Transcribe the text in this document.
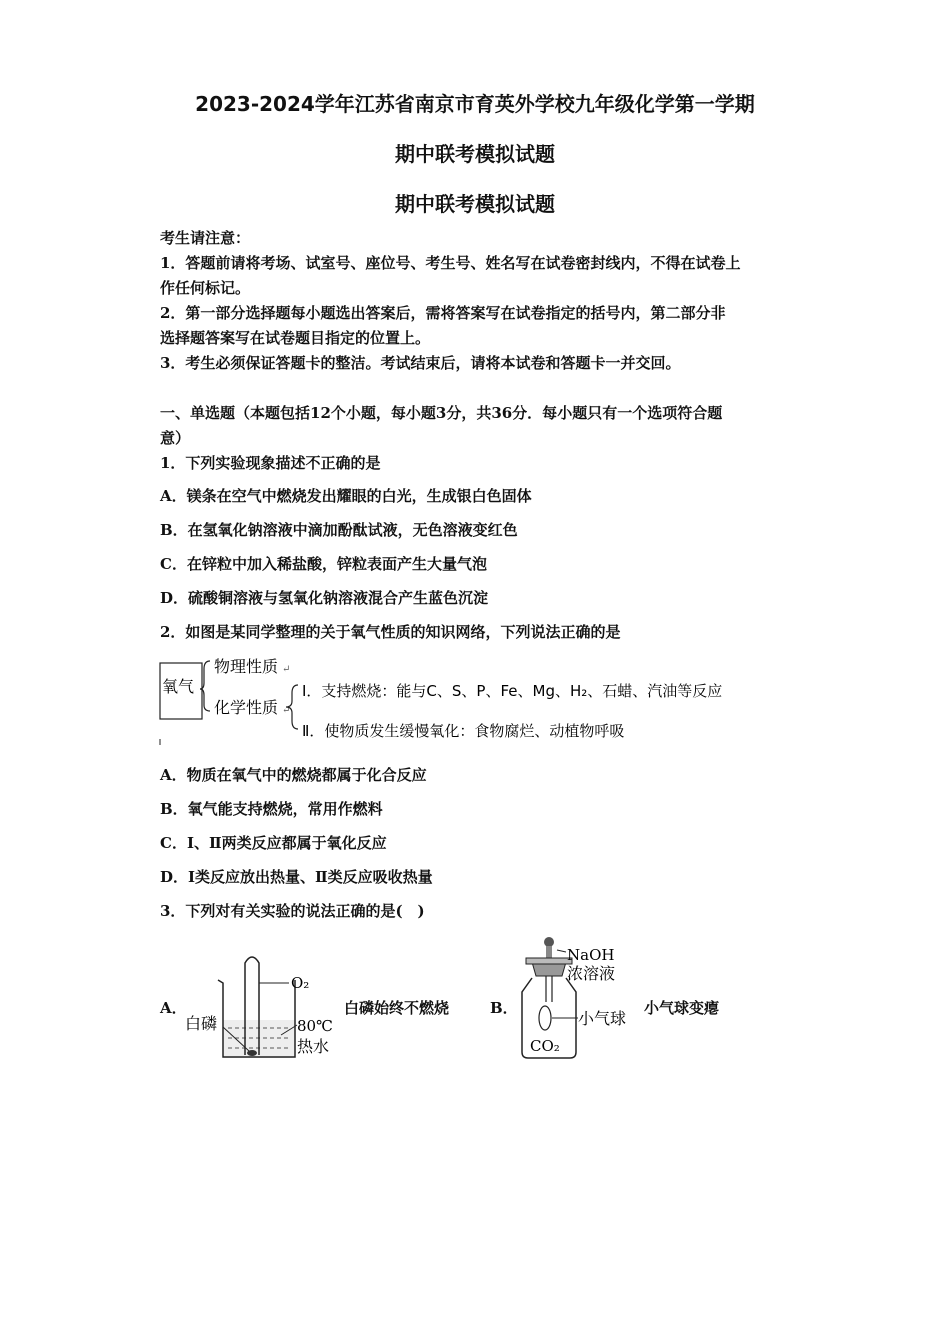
2023-2024学年江苏省南京市育英外学校九年级化学第一学期
期中联考模拟试题
期中联考模拟试题
考生请注意：
1．答题前请将考场、试室号、座位号、考生号、姓名写在试卷密封线内，不得在试卷上
作任何标记。
2．第一部分选择题每小题选出答案后，需将答案写在试卷指定的括号内，第二部分非
选择题答案写在试卷题目指定的位置上。
3．考生必须保证答题卡的整洁。考试结束后，请将本试卷和答题卡一并交回。
一、单选题（本题包括12个小题，每小题3分，共36分．每小题只有一个选项符合题
意）
1．下列实验现象描述不正确的是
A．镁条在空气中燃烧发出耀眼的白光，生成银白色固体
B．在氢氧化钠溶液中滴加酚酞试液，无色溶液变红色
C．在锌粒中加入稀盐酸，锌粒表面产生大量气泡
D．硫酸铜溶液与氢氧化钠溶液混合产生蓝色沉淀
2．如图是某同学整理的关于氧气性质的知识网络，下列说法正确的是
氧气
物理性质 ↵
化学性质 ↵
Ⅰ．支持燃烧：能与C、S、P、Fe、Mg、H₂、石蜡、汽油等反应
Ⅱ．使物质发生缓慢氧化：食物腐烂、动植物呼吸
A．物质在氧气中的燃烧都属于化合反应
B．氧气能支持燃烧，常用作燃料
C．Ⅰ、Ⅱ两类反应都属于氧化反应
D．Ⅰ类反应放出热量、Ⅱ类反应吸收热量
3．下列对有关实验的说法正确的是(　)
A．
O₂
白磷	80℃
热水
白磷始终不燃烧	B．
NaOH
浓溶液
小气球
CO₂
小气球变瘪
